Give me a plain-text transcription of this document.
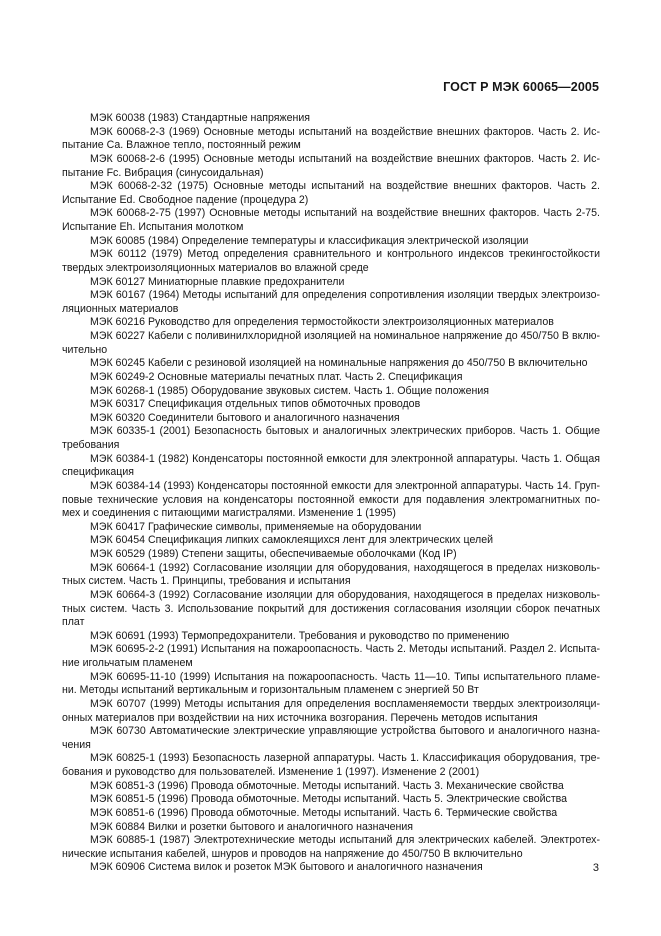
ГОСТ Р МЭК 60065—2005
МЭК 60038 (1983) Стандартные напряжения
МЭК 60068-2-3 (1969) Основные методы испытаний на воздействие внешних факторов. Часть 2. Ис-
пытание Са. Влажное тепло, постоянный режим
МЭК 60068-2-6 (1995) Основные методы испытаний на воздействие внешних факторов. Часть 2. Ис-
пытание Fc. Вибрация (синусоидальная)
МЭК 60068-2-32 (1975) Основные методы испытаний на воздействие внешних факторов. Часть 2.
Испытание Ed. Свободное падение (процедура 2)
МЭК 60068-2-75 (1997) Основные методы испытаний на воздействие внешних факторов. Часть 2-75.
Испытание Eh. Испытания молотком
МЭК 60085 (1984) Определение температуры и классификация электрической изоляции
МЭК 60112 (1979) Метод определения сравнительного и контрольного индексов трекингостойкости
твердых электроизоляционных материалов во влажной среде
МЭК 60127 Миниатюрные плавкие предохранители
МЭК 60167 (1964) Методы испытаний для определения сопротивления изоляции твердых электроизо-
ляционных материалов
МЭК 60216 Руководство для определения термостойкости электроизоляционных материалов
МЭК 60227 Кабели с поливинилхлоридной изоляцией на номинальное напряжение до 450/750 В вклю-
чительно
МЭК 60245 Кабели с резиновой изоляцией на номинальные напряжения до 450/750 В включительно
МЭК 60249-2 Основные материалы печатных плат. Часть 2. Спецификация
МЭК 60268-1 (1985) Оборудование звуковых систем. Часть 1. Общие положения
МЭК 60317 Спецификация отдельных типов обмоточных проводов
МЭК 60320 Соединители бытового и аналогичного назначения
МЭК 60335-1 (2001) Безопасность бытовых и аналогичных электрических приборов. Часть 1. Общие
требования
МЭК 60384-1 (1982) Конденсаторы постоянной емкости для электронной аппаратуры. Часть 1. Общая
спецификация
МЭК 60384-14 (1993) Конденсаторы постоянной емкости для электронной аппаратуры. Часть 14. Груп-
повые технические условия на конденсаторы постоянной емкости для подавления электромагнитных по-
мех и соединения с питающими магистралями. Изменение 1 (1995)
МЭК 60417 Графические символы, применяемые на оборудовании
МЭК 60454 Спецификация липких самоклеящихся лент для электрических целей
МЭК 60529 (1989) Степени защиты, обеспечиваемые оболочками (Код IP)
МЭК 60664-1 (1992) Согласование изоляции для оборудования, находящегося в пределах низковоль-
тных систем. Часть 1. Принципы, требования и испытания
МЭК 60664-3 (1992) Согласование изоляции для оборудования, находящегося в пределах низковоль-
тных систем. Часть 3. Использование покрытий для достижения согласования изоляции сборок печатных
плат
МЭК 60691 (1993) Термопредохранители. Требования и руководство по применению
МЭК 60695-2-2 (1991) Испытания на пожароопасность. Часть 2. Методы испытаний. Раздел 2. Испыта-
ние игольчатым пламенем
МЭК 60695-11-10 (1999) Испытания на пожароопасность. Часть 11—10. Типы испытательного пламе-
ни. Методы испытаний вертикальным и горизонтальным пламенем с энергией 50 Вт
МЭК 60707 (1999) Методы испытания для определения воспламеняемости твердых электроизоляци-
онных материалов при воздействии на них источника возгорания. Перечень методов испытания
МЭК 60730 Автоматические электрические управляющие устройства бытового и аналогичного назна-
чения
МЭК 60825-1 (1993) Безопасность лазерной аппаратуры. Часть 1. Классификация оборудования, тре-
бования и руководство для пользователей. Изменение 1 (1997). Изменение 2 (2001)
МЭК 60851-3 (1996) Провода обмоточные. Методы испытаний. Часть 3. Механические свойства
МЭК 60851-5 (1996) Провода обмоточные. Методы испытаний. Часть 5. Электрические свойства
МЭК 60851-6 (1996) Провода обмоточные. Методы испытаний. Часть 6. Термические свойства
МЭК 60884 Вилки и розетки бытового и аналогичного назначения
МЭК 60885-1 (1987) Электротехнические методы испытаний для электрических кабелей. Электротех-
нические испытания кабелей, шнуров и проводов на напряжение до 450/750 В включительно
МЭК 60906 Система вилок и розеток МЭК бытового и аналогичного назначения	3
